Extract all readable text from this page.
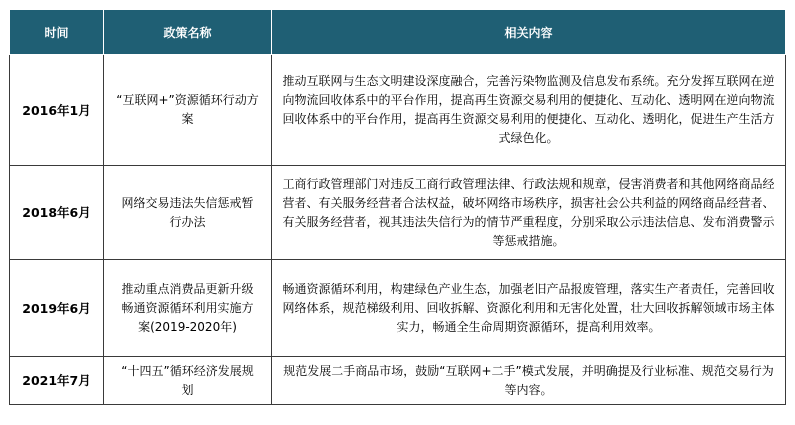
时间	政策名称	相关内容
2016年1月	“互联网+”资源循环行动方案	推动互联网与生态文明建设深度融合，完善污染物监测及信息发布系统。充分发挥互联网在逆向物流回收体系中的平台作用，提高再生资源交易利用的便捷化、互动化、透明网在逆向物流回收体系中的平台作用，提高再生资源交易利用的便捷化、互动化、透明化，促进生产生活方式绿色化。
2018年6月	网络交易违法失信惩戒暂行办法	工商行政管理部门对违反工商行政管理法律、行政法规和规章，侵害消费者和其他网络商品经营者、有关服务经营者合法权益，破坏网络市场秩序，损害社会公共利益的网络商品经营者、有关服务经营者，视其违法失信行为的情节严重程度，分别采取公示违法信息、发布消费警示等惩戒措施。
2019年6月	推动重点消费品更新升级畅通资源循环利用实施方案(2019-2020年)	畅通资源循环利用，构建绿色产业生态，加强老旧产品报废管理，落实生产者责任，完善回收网络体系，规范梯级利用、回收拆解、资源化利用和无害化处置，壮大回收拆解领域市场主体实力，畅通全生命周期资源循环，提高利用效率。
2021年7月	“十四五”循环经济发展规划	规范发展二手商品市场，鼓励“互联网+二手”模式发展，并明确提及行业标准、规范交易行为等内容。
